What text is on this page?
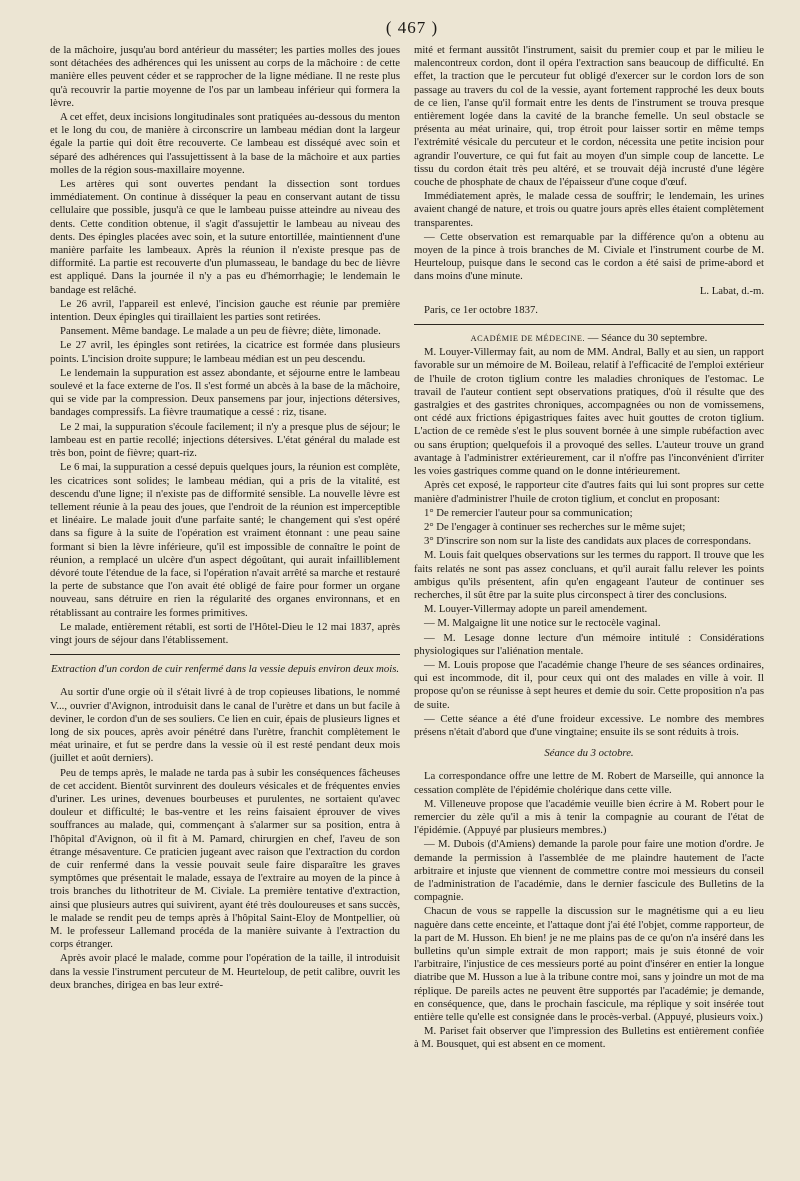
( 467 )

de la mâchoire, jusqu'au bord antérieur du masséter; les parties molles des joues sont détachées des adhérences qui les unissent au corps de la mâchoire : de cette manière elles peuvent céder et se rapprocher de la ligne médiane. Il ne reste plus qu'à recouvrir la partie moyenne de l'os par un lambeau inférieur qui formera la lèvre.

A cet effet, deux incisions longitudinales sont pratiquées au-dessous du menton et le long du cou, de manière à circonscrire un lambeau médian dont la largeur égale la partie qui doit être recouverte. Ce lambeau est disséqué avec soin et séparé des adhérences qui l'assujettissent à la base de la mâchoire et aux parties molles de la région sous-maxillaire moyenne.

Les artères qui sont ouvertes pendant la dissection sont tordues immédiatement. On continue à disséquer la peau en conservant autant de tissu cellulaire que possible, jusqu'à ce que le lambeau puisse atteindre au niveau des dents. Cette condition obtenue, il s'agit d'assujettir le lambeau au niveau des dents. Des épingles placées avec soin, et la suture entortillée, maintiennent d'une manière parfaite les lambeaux. Après la réunion il n'existe presque pas de difformité. La partie est recouverte d'un plumasseau, le bandage du bec de lièvre est appliqué. Dans la journée il n'y a pas eu d'hémorrhagie; le lendemain le bandage est relâché.

Le 26 avril, l'appareil est enlevé, l'incision gauche est réunie par première intention. Deux épingles qui tiraillaient les parties sont retirées.

Pansement. Même bandage. Le malade a un peu de fièvre; diète, limonade.

Le 27 avril, les épingles sont retirées, la cicatrice est formée dans plusieurs points. L'incision droite suppure; le lambeau médian est un peu descendu.

Le lendemain la suppuration est assez abondante, et séjourne entre le lambeau soulevé et la face externe de l'os. Il s'est formé un abcès à la base de la mâchoire, qui se vide par la compression. Deux pansemens par jour, injections détersives, bandages compressifs. La fièvre traumatique a cessé : riz, tisane.

Le 2 mai, la suppuration s'écoule facilement; il n'y a presque plus de séjour; le lambeau est en partie recollé; injections détersives. L'état général du malade est très bon, point de fièvre; quart-riz.

Le 6 mai, la suppuration a cessé depuis quelques jours, la réunion est complète, les cicatrices sont solides; le lambeau médian, qui a pris de la vitalité, est descendu d'une ligne; il n'existe pas de difformité sensible. La nouvelle lèvre est tellement réunie à la peau des joues, que l'endroit de la réunion est imperceptible et linéaire. Le malade jouit d'une parfaite santé; le changement qui s'est opéré dans sa figure à la suite de l'opération est vraiment étonnant : une peau saine formant si bien la lèvre inférieure, qu'il est impossible de connaître le point de réunion, a remplacé un ulcère d'un aspect dégoûtant, qui aurait infailliblement dévoré toute l'étendue de la face, si l'opération n'avait arrêté sa marche et restauré la perte de substance que l'on avait été obligé de faire pour former un organe nouveau, sans détruire en rien la régularité des organes environnans, et en rétablissant au contraire les formes primitives.

Le malade, entièrement rétabli, est sorti de l'Hôtel-Dieu le 12 mai 1837, après vingt jours de séjour dans l'établissement.

Extraction d'un cordon de cuir renfermé dans la vessie depuis environ deux mois.

Au sortir d'une orgie où il s'était livré à de trop copieuses libations, le nommé V..., ouvrier d'Avignon, introduisit dans le canal de l'urètre et dans un but facile à deviner, le cordon d'un de ses souliers. Ce lien en cuir, épais de plusieurs lignes et long de six pouces, après avoir pénétré dans l'urètre, franchit complètement le méat urinaire, et fut se perdre dans la vessie où il est resté pendant deux mois (juillet et août derniers).

Peu de temps après, le malade ne tarda pas à subir les conséquences fâcheuses de cet accident. Bientôt survinrent des douleurs vésicales et de fréquentes envies d'uriner. Les urines, devenues bourbeuses et purulentes, ne sortaient qu'avec douleur et difficulté; le bas-ventre et les reins faisaient éprouver de vives souffrances au malade, qui, commençant à s'alarmer sur sa position, entra à l'hôpital d'Avignon, où il fit à M. Pamard, chirurgien en chef, l'aveu de son étrange mésaventure. Ce praticien jugeant avec raison que l'extraction du cordon de cuir renfermé dans la vessie pouvait seule faire disparaître les graves symptômes que présentait le malade, essaya de l'extraire au moyen de la pince à trois branches du lithotriteur de M. Civiale. La première tentative d'extraction, ainsi que plusieurs autres qui suivirent, ayant été très douloureuses et sans succès, le malade se rendit peu de temps après à l'hôpital Saint-Eloy de Montpellier, où M. le professeur Lallemand procéda de la manière suivante à l'extraction du corps étranger.

Après avoir placé le malade, comme pour l'opération de la taille, il introduisit dans la vessie l'instrument percuteur de M. Heurteloup, de petit calibre, ouvrit les deux branches, dirigea en bas leur extré-

mité et fermant aussitôt l'instrument, saisit du premier coup et par le milieu le malencontreux cordon, dont il opéra l'extraction sans beaucoup de difficulté. En effet, la traction que le percuteur fut obligé d'exercer sur le cordon lors de son passage au travers du col de la vessie, ayant fortement rapproché les deux bouts de ce lien, l'anse qu'il formait entre les dents de l'instrument se trouva presque entièrement logée dans la cavité de la branche femelle. Un seul obstacle se présenta au méat urinaire, qui, trop étroit pour laisser sortir en même temps l'extrémité vésicale du percuteur et le cordon, nécessita une petite incision pour agrandir l'ouverture, ce qui fut fait au moyen d'un simple coup de lancette. Le tissu du cordon était très peu altéré, et se trouvait déjà incrusté d'une légère couche de phosphate de chaux de l'épaisseur d'une coque d'œuf.

Immédiatement après, le malade cessa de souffrir; le lendemain, les urines avaient changé de nature, et trois ou quatre jours après elles étaient complètement transparentes.

— Cette observation est remarquable par la différence qu'on a obtenu au moyen de la pince à trois branches de M. Civiale et l'instrument courbe de M. Heurteloup, puisque dans le second cas le cordon a été saisi de prime-abord et dans moins d'une minute.

L. Labat, d.-m.

Paris, ce 1er octobre 1837.

ACADÉMIE DE MÉDECINE. — Séance du 30 septembre.

M. Louyer-Villermay fait, au nom de MM. Andral, Bally et au sien, un rapport favorable sur un mémoire de M. Boileau, relatif à l'efficacité de l'emploi extérieur de l'huile de croton tiglium contre les maladies chroniques de l'estomac. Le travail de l'auteur contient sept observations pratiques, d'où il résulte que des gastralgies et des gastrites chroniques, accompagnées ou non de vomissemens, ont cédé aux frictions épigastriques faites avec huit gouttes de croton tiglium. L'action de ce remède s'est le plus souvent bornée à une simple rubéfaction avec ou sans éruption; quelquefois il a provoqué des selles. L'auteur trouve un grand avantage à l'administrer extérieurement, car il n'offre pas l'inconvénient d'irriter les voies gastriques comme quand on le donne intérieurement.

Après cet exposé, le rapporteur cite d'autres faits qui lui sont propres sur cette manière d'administrer l'huile de croton tiglium, et conclut en proposant:

1° De remercier l'auteur pour sa communication;

2° De l'engager à continuer ses recherches sur le même sujet;

3° D'inscrire son nom sur la liste des candidats aux places de correspondans.

M. Louis fait quelques observations sur les termes du rapport. Il trouve que les faits relatés ne sont pas assez concluans, et qu'il aurait fallu relever les points ambigus qu'ils présentent, afin qu'en engageant l'auteur de continuer ses recherches, il sût être par la suite plus circonspect à tirer des conclusions.

M. Louyer-Villermay adopte un pareil amendement.

— M. Malgaigne lit une notice sur le rectocèle vaginal.

— M. Lesage donne lecture d'un mémoire intitulé : Considérations physiologiques sur l'aliénation mentale.

— M. Louis propose que l'académie change l'heure de ses séances ordinaires, qui est incommode, dit il, pour ceux qui ont des malades en ville à voir. Il propose qu'on se réunisse à sept heures et demie du soir. Cette proposition n'a pas de suite.

— Cette séance a été d'une froideur excessive. Le nombre des membres présens n'était d'abord que d'une vingtaine; ensuite ils se sont réduits à trois.

Séance du 3 octobre.

La correspondance offre une lettre de M. Robert de Marseille, qui annonce la cessation complète de l'épidémie cholérique dans cette ville.

M. Villeneuve propose que l'académie veuille bien écrire à M. Robert pour le remercier du zèle qu'il a mis à tenir la compagnie au courant de l'état de l'épidémie. (Appuyé par plusieurs membres.)

— M. Dubois (d'Amiens) demande la parole pour faire une motion d'ordre. Je demande la permission à l'assemblée de me plaindre hautement de l'acte arbitraire et injuste que viennent de commettre contre moi messieurs du conseil de l'administration de l'académie, dans le dernier fascicule des Bulletins de la compagnie.

Chacun de vous se rappelle la discussion sur le magnétisme qui a eu lieu naguère dans cette enceinte, et l'attaque dont j'ai été l'objet, comme rapporteur, de la part de M. Husson. Eh bien! je ne me plains pas de ce qu'on n'a inséré dans les bulletins qu'un simple extrait de mon rapport; mais je suis étonné de voir l'arbitraire, l'injustice de ces messieurs porté au point d'insérer en entier la longue diatribe que M. Husson a lue à la tribune contre moi, sans y joindre un mot de ma réplique. De pareils actes ne peuvent être supportés par l'académie; je demande, en conséquence, que, dans le prochain fascicule, ma réplique y soit insérée tout entière telle qu'elle est consignée dans le procès-verbal. (Appuyé, plusieurs voix.)

M. Pariset fait observer que l'impression des Bulletins est entièrement confiée à M. Bousquet, qui est absent en ce moment.
